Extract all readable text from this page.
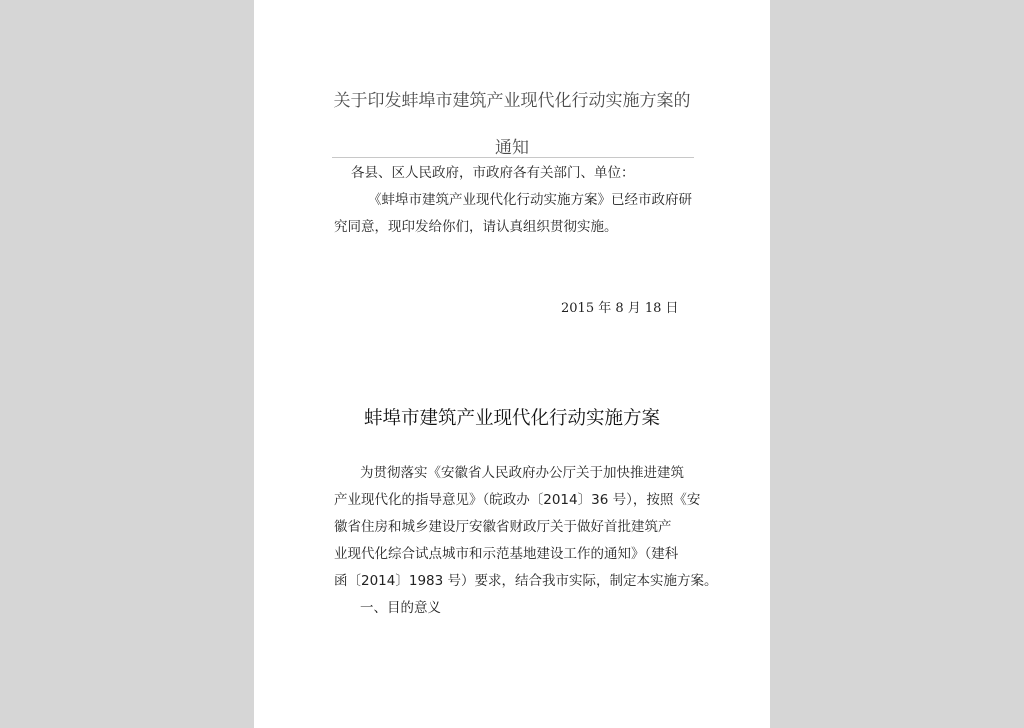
关于印发蚌埠市建筑产业现代化行动实施方案的
通知
各县、区人民政府，市政府各有关部门、单位：
《蚌埠市建筑产业现代化行动实施方案》已经市政府研
究同意，现印发给你们，请认真组织贯彻实施。
2015 年 8 月 18 日
蚌埠市建筑产业现代化行动实施方案
为贯彻落实《安徽省人民政府办公厅关于加快推进建筑
产业现代化的指导意见》（皖政办〔2014〕36 号），按照《安
徽省住房和城乡建设厅安徽省财政厅关于做好首批建筑产
业现代化综合试点城市和示范基地建设工作的通知》（建科
函〔2014〕1983 号）要求，结合我市实际，制定本实施方案。
一、目的意义
